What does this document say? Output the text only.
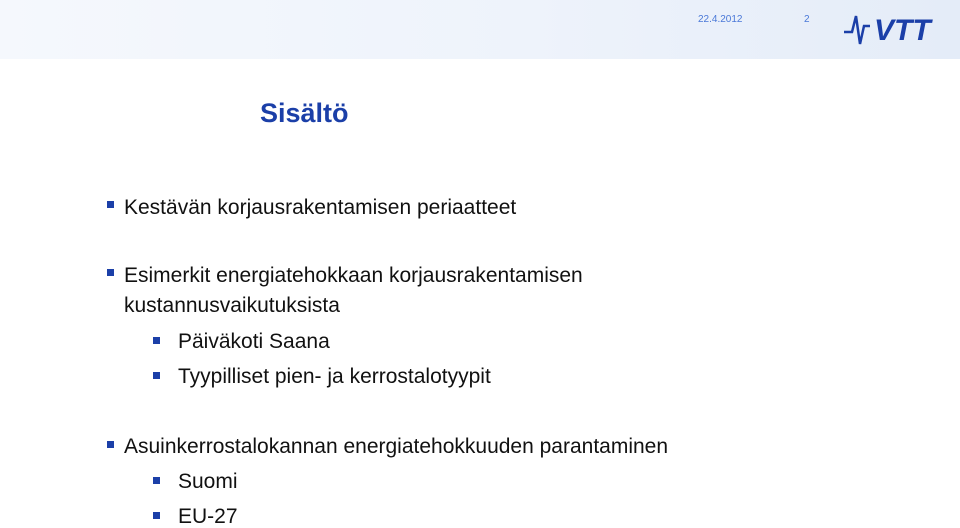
22.4.2012	2 VTT
Sisältö
Kestävän korjausrakentamisen periaatteet
Esimerkit energiatehokkaan korjausrakentamisen
kustannusvaikutuksista
Päiväkoti Saana
Tyypilliset pien- ja kerrostalotyypit
Asuinkerrostalokannan energiatehokkuuden parantaminen
Suomi
EU-27
